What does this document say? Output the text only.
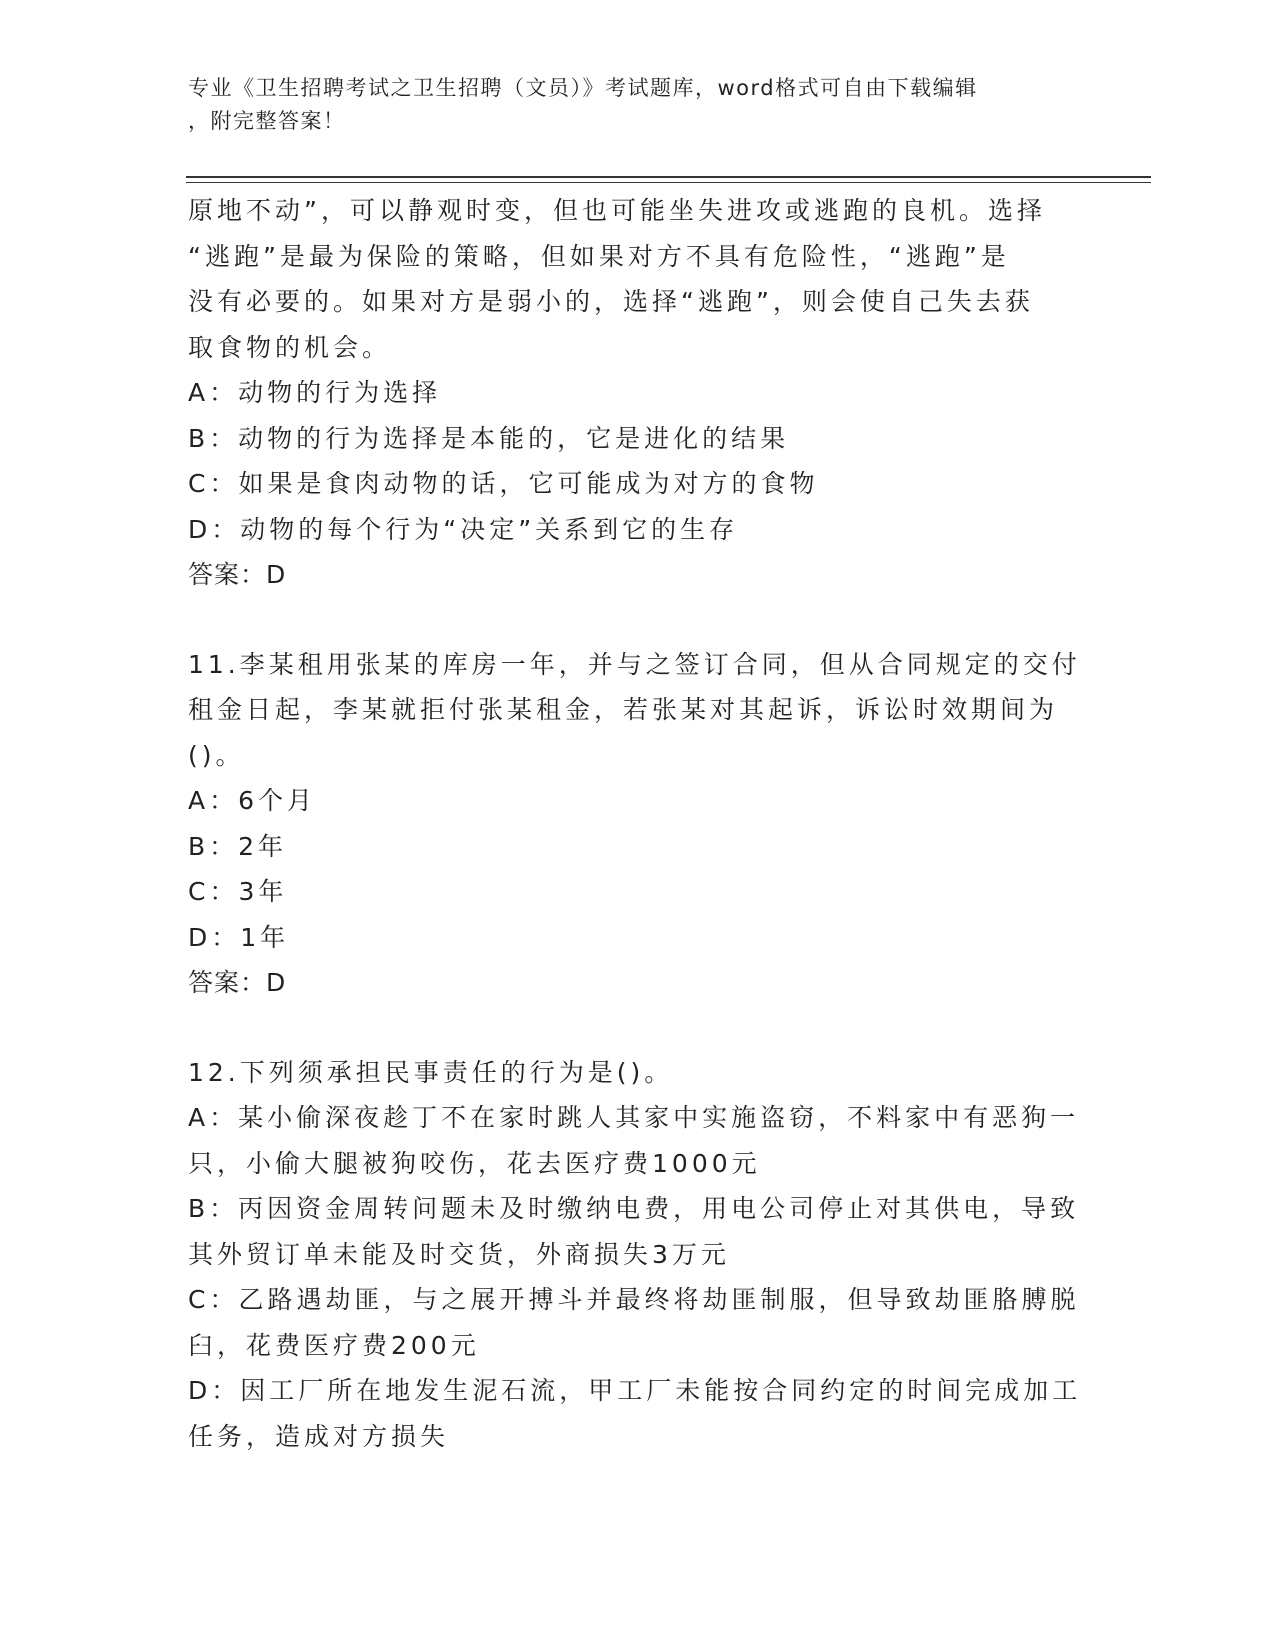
专业《卫生招聘考试之卫生招聘（文员）》考试题库，word格式可自由下载编辑
，附完整答案！

原地不动”，可以静观时变，但也可能坐失进攻或逃跑的良机。选择

“逃跑”是最为保险的策略，但如果对方不具有危险性，“逃跑”是

没有必要的。如果对方是弱小的，选择“逃跑”，则会使自己失去获

取食物的机会。

A：动物的行为选择

B：动物的行为选择是本能的，它是进化的结果

C：如果是食肉动物的话，它可能成为对方的食物

D：动物的每个行为“决定”关系到它的生存

答案：D

11.李某租用张某的库房一年，并与之签订合同，但从合同规定的交付

租金日起，李某就拒付张某租金，若张某对其起诉，诉讼时效期间为

()。

A：6个月

B：2年

C：3年

D：1年

答案：D

12.下列须承担民事责任的行为是()。

A：某小偷深夜趁丁不在家时跳人其家中实施盗窃，不料家中有恶狗一

只，小偷大腿被狗咬伤，花去医疗费1000元

B：丙因资金周转问题未及时缴纳电费，用电公司停止对其供电，导致

其外贸订单未能及时交货，外商损失3万元

C：乙路遇劫匪，与之展开搏斗并最终将劫匪制服，但导致劫匪胳膊脱

臼，花费医疗费200元

D：因工厂所在地发生泥石流，甲工厂未能按合同约定的时间完成加工

任务，造成对方损失
